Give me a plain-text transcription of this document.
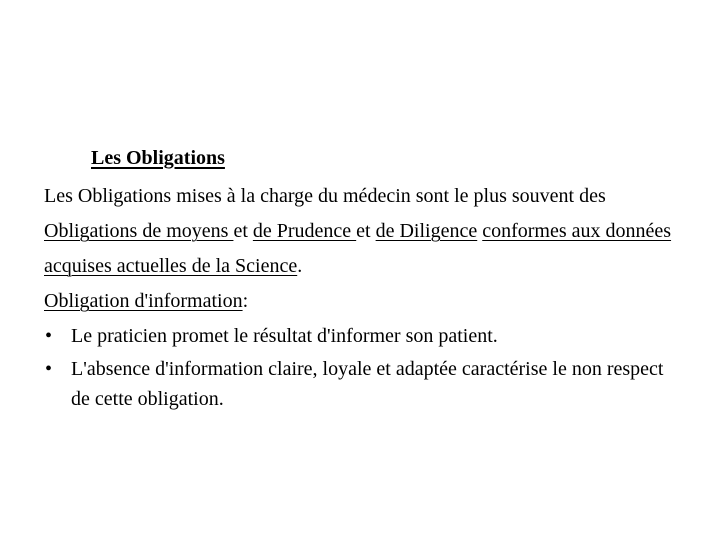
Les Obligations

Les Obligations mises à la charge du médecin sont le plus souvent des Obligations de moyens et de Prudence et de Diligence conformes aux données acquises actuelles de la Science.

Obligation d'information:

• Le praticien promet le résultat d'informer son patient.
• L'absence d'information claire, loyale et adaptée caractérise le non respect de cette obligation.
